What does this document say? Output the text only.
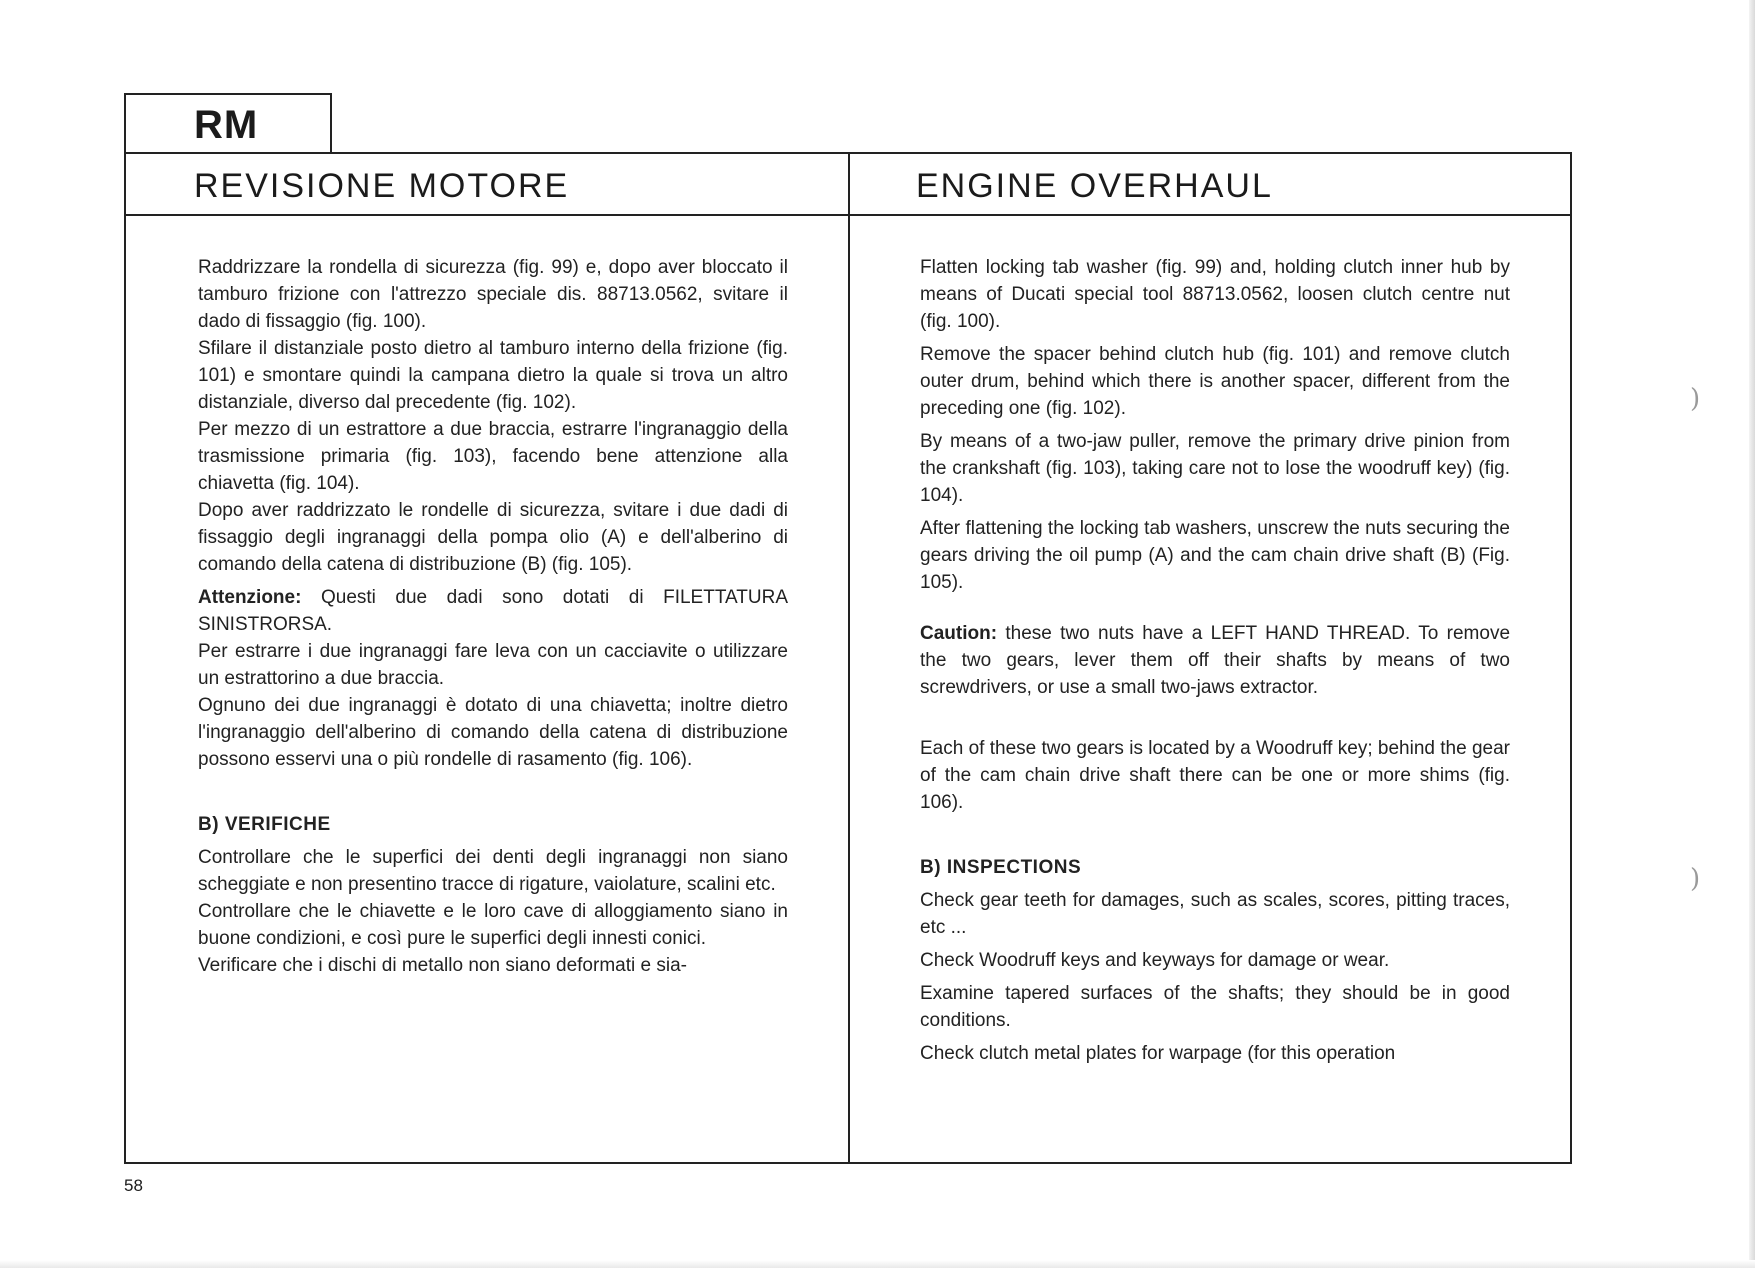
RM
REVISIONE MOTORE	ENGINE OVERHAUL

Raddrizzare la rondella di sicurezza (fig. 99) e, dopo aver bloccato il tamburo frizione con l'attrezzo speciale dis. 88713.0562, svitare il dado di fissaggio (fig. 100).

Sfilare il distanziale posto dietro al tamburo interno della frizione (fig. 101) e smontare quindi la campana dietro la quale si trova un altro distanziale, diverso dal precedente (fig. 102).

Per mezzo di un estrattore a due braccia, estrarre l'ingranaggio della trasmissione primaria (fig. 103), facendo bene attenzione alla chiavetta (fig. 104).

Dopo aver raddrizzato le rondelle di sicurezza, svitare i due dadi di fissaggio degli ingranaggi della pompa olio (A) e dell'alberino di comando della catena di distribuzione (B) (fig. 105).

Attenzione: Questi due dadi sono dotati di FILETTATURA SINISTRORSA.

Per estrarre i due ingranaggi fare leva con un cacciavite o utilizzare un estrattorino a due braccia.

Ognuno dei due ingranaggi è dotato di una chiavetta; inoltre dietro l'ingranaggio dell'alberino di comando della catena di distribuzione possono esservi una o più rondelle di rasamento (fig. 106).

B) VERIFICHE

Controllare che le superfici dei denti degli ingranaggi non siano scheggiate e non presentino tracce di rigature, vaiolature, scalini etc.

Controllare che le chiavette e le loro cave di alloggiamento siano in buone condizioni, e così pure le superfici degli innesti conici.

Verificare che i dischi di metallo non siano deformati e sia-

Flatten locking tab washer (fig. 99) and, holding clutch inner hub by means of Ducati special tool 88713.0562, loosen clutch centre nut (fig. 100).

Remove the spacer behind clutch hub (fig. 101) and remove clutch outer drum, behind which there is another spacer, different from the preceding one (fig. 102).

By means of a two-jaw puller, remove the primary drive pinion from the crankshaft (fig. 103), taking care not to lose the woodruff key) (fig. 104).

After flattening the locking tab washers, unscrew the nuts securing the gears driving the oil pump (A) and the cam chain drive shaft (B) (Fig. 105).

Caution: these two nuts have a LEFT HAND THREAD. To remove the two gears, lever them off their shafts by means of two screwdrivers, or use a small two-jaws extractor.

Each of these two gears is located by a Woodruff key; behind the gear of the cam chain drive shaft there can be one or more shims (fig. 106).

B) INSPECTIONS

Check gear teeth for damages, such as scales, scores, pitting traces, etc ...

Check Woodruff keys and keyways for damage or wear.

Examine tapered surfaces of the shafts; they should be in good conditions.

Check clutch metal plates for warpage (for this operation

58
)
)
